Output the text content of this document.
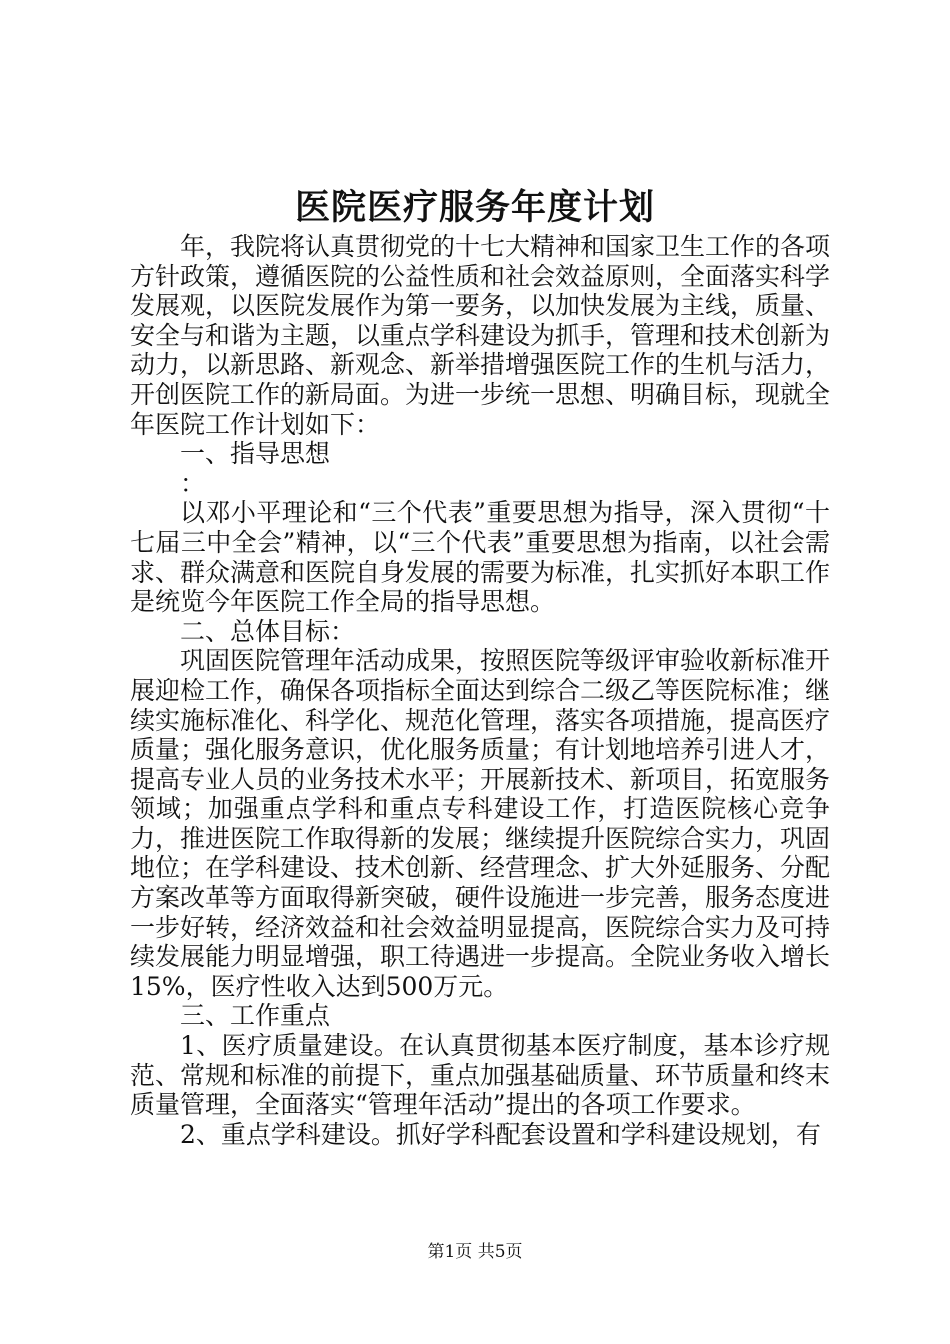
医院医疗服务年度计划

年，我院将认真贯彻党的十七大精神和国家卫生工作的各项方针政策，遵循医院的公益性质和社会效益原则，全面落实科学发展观，以医院发展作为第一要务，以加快发展为主线，质量、安全与和谐为主题，以重点学科建设为抓手，管理和技术创新为动力，以新思路、新观念、新举措增强医院工作的生机与活力，开创医院工作的新局面。为进一步统一思想、明确目标，现就全年医院工作计划如下：

一、指导思想

：

以邓小平理论和“三个代表”重要思想为指导，深入贯彻“十七届三中全会”精神，以“三个代表”重要思想为指南，以社会需求、群众满意和医院自身发展的需要为标准，扎实抓好本职工作是统览今年医院工作全局的指导思想。

二、总体目标：

巩固医院管理年活动成果，按照医院等级评审验收新标准开展迎检工作，确保各项指标全面达到综合二级乙等医院标准；继续实施标准化、科学化、规范化管理，落实各项措施，提高医疗质量；强化服务意识，优化服务质量；有计划地培养引进人才，提高专业人员的业务技术水平；开展新技术、新项目，拓宽服务领域；加强重点学科和重点专科建设工作，打造医院核心竞争力，推进医院工作取得新的发展；继续提升医院综合实力，巩固地位；在学科建设、技术创新、经营理念、扩大外延服务、分配方案改革等方面取得新突破，硬件设施进一步完善，服务态度进一步好转，经济效益和社会效益明显提高，医院综合实力及可持续发展能力明显增强，职工待遇进一步提高。全院业务收入增长15%，医疗性收入达到500万元。

三、工作重点

1、医疗质量建设。在认真贯彻基本医疗制度，基本诊疗规范、常规和标准的前提下，重点加强基础质量、环节质量和终末质量管理，全面落实“管理年活动”提出的各项工作要求。

2、重点学科建设。抓好学科配套设置和学科建设规划，有

第1页 共5页
